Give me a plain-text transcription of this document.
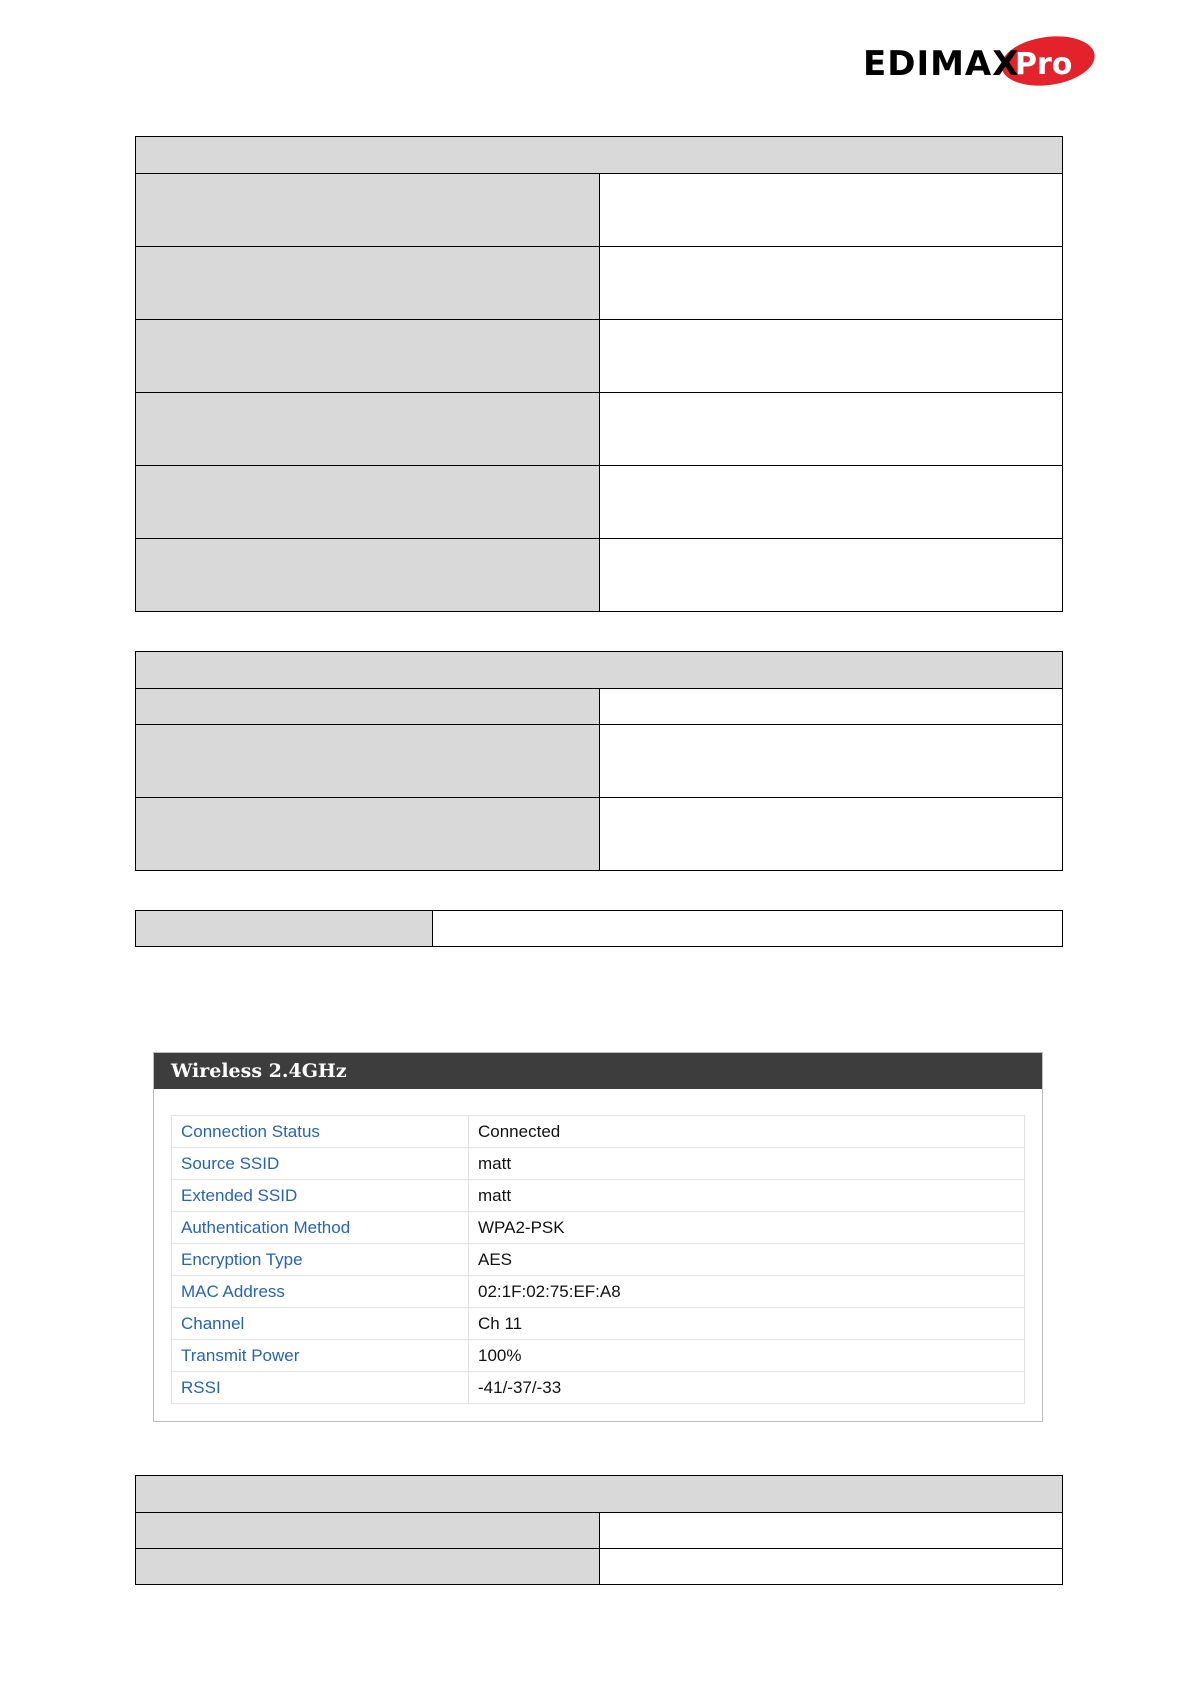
EDIMAX
Pro

Wireless 2.4GHz
Connection Status	Connected
Source SSID	matt
Extended SSID	matt
Authentication Method	WPA2-PSK
Encryption Type	AES
MAC Address	02:1F:02:75:EF:A8
Channel	Ch 11
Transmit Power	100%
RSSI	-41/-37/-33
